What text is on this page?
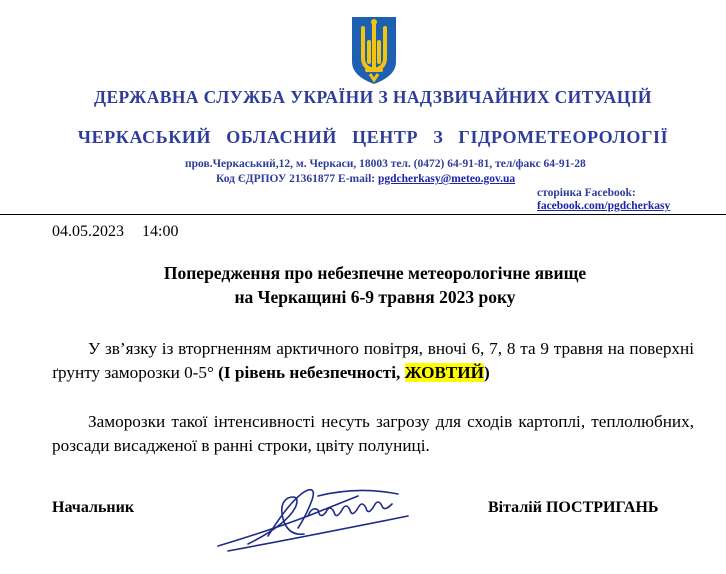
ДЕРЖАВНА СЛУЖБА УКРАЇНИ З НАДЗВИЧАЙНИХ СИТУАЦІЙ
ЧЕРКАСЬКИЙ ОБЛАСНИЙ ЦЕНТР З ГІДРОМЕТЕОРОЛОГІЇ
пров.Черкаський,12, м. Черкаси, 18003 тел. (0472) 64-91-81, тел/факс 64-91-28
Код ЄДРПОУ 21361877 E-mail: pgdcherkasy@meteo.gov.ua
сторінка Facebook:
facebook.com/pgdcherkasy
04.05.2023 14:00
Попередження про небезпечне метеорологічне явище
на Черкащині 6-9 травня 2023 року
У зв’язку із вторгненням арктичного повітря, вночі 6, 7, 8 та 9 травня на поверхні ґрунту заморозки 0-5° (І рівень небезпечності, ЖОВТИЙ)
Заморозки такої інтенсивності несуть загрозу для сходів картоплі, теплолюбних, розсади висадженої в ранні строки, цвіту полуниці.
Начальник	Віталій ПОСТРИГАНЬ
